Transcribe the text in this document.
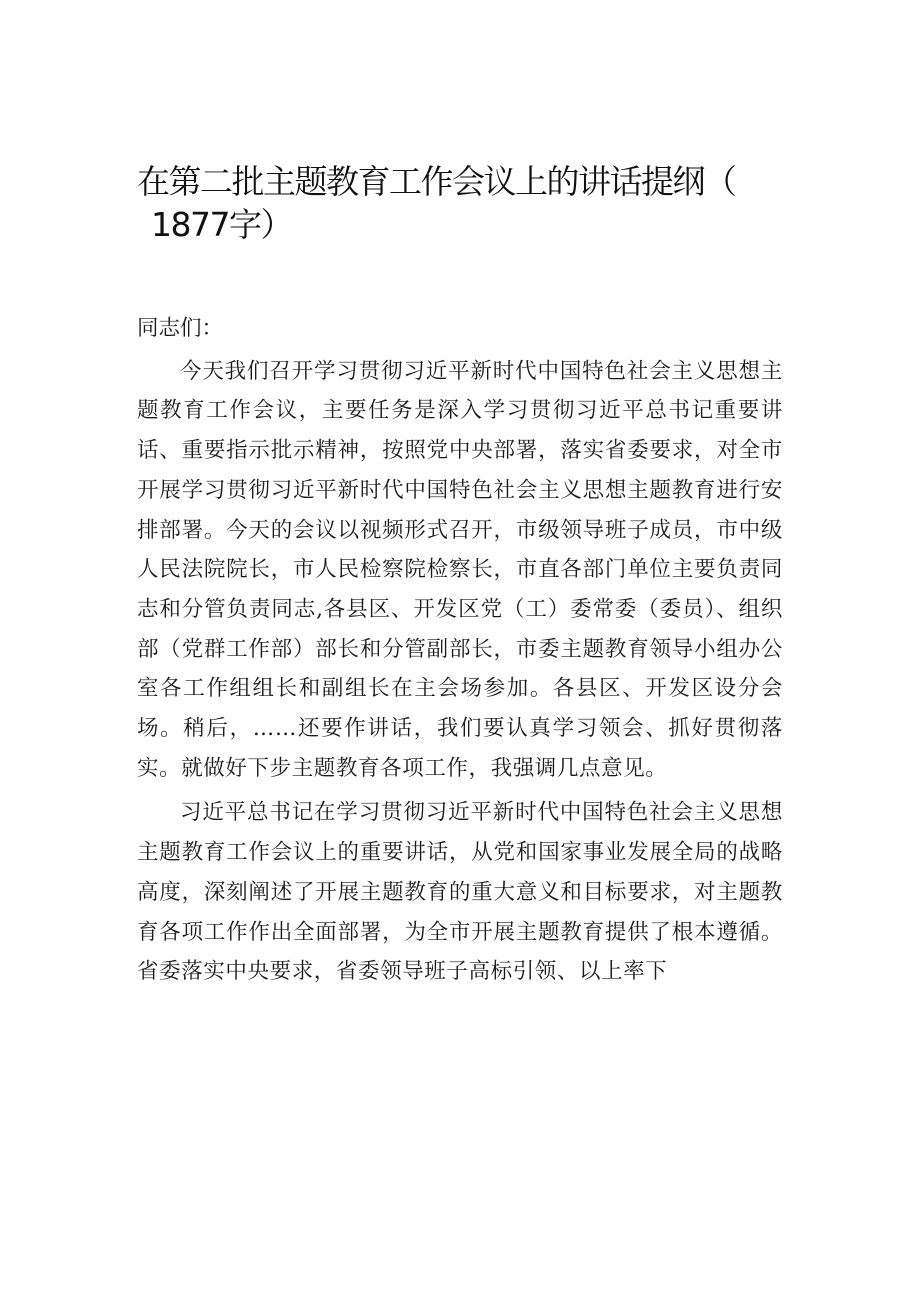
在第二批主题教育工作会议上的讲话提纲（
1877字）

同志们：

今天我们召开学习贯彻习近平新时代中国特色社会主义思想主题教育工作会议，主要任务是深入学习贯彻习近平总书记重要讲话、重要指示批示精神，按照党中央部署，落实省委要求，对全市开展学习贯彻习近平新时代中国特色社会主义思想主题教育进行安排部署。今天的会议以视频形式召开，市级领导班子成员，市中级人民法院院长，市人民检察院检察长，市直各部门单位主要负责同志和分管负责同志,各县区、开发区党（工）委常委（委员）、组织部（党群工作部）部长和分管副部长，市委主题教育领导小组办公室各工作组组长和副组长在主会场参加。各县区、开发区设分会场。稍后，……还要作讲话，我们要认真学习领会、抓好贯彻落实。就做好下步主题教育各项工作，我强调几点意见。

习近平总书记在学习贯彻习近平新时代中国特色社会主义思想主题教育工作会议上的重要讲话，从党和国家事业发展全局的战略高度，深刻阐述了开展主题教育的重大意义和目标要求，对主题教育各项工作作出全面部署，为全市开展主题教育提供了根本遵循。省委落实中央要求，省委领导班子高标引领、以上率下
